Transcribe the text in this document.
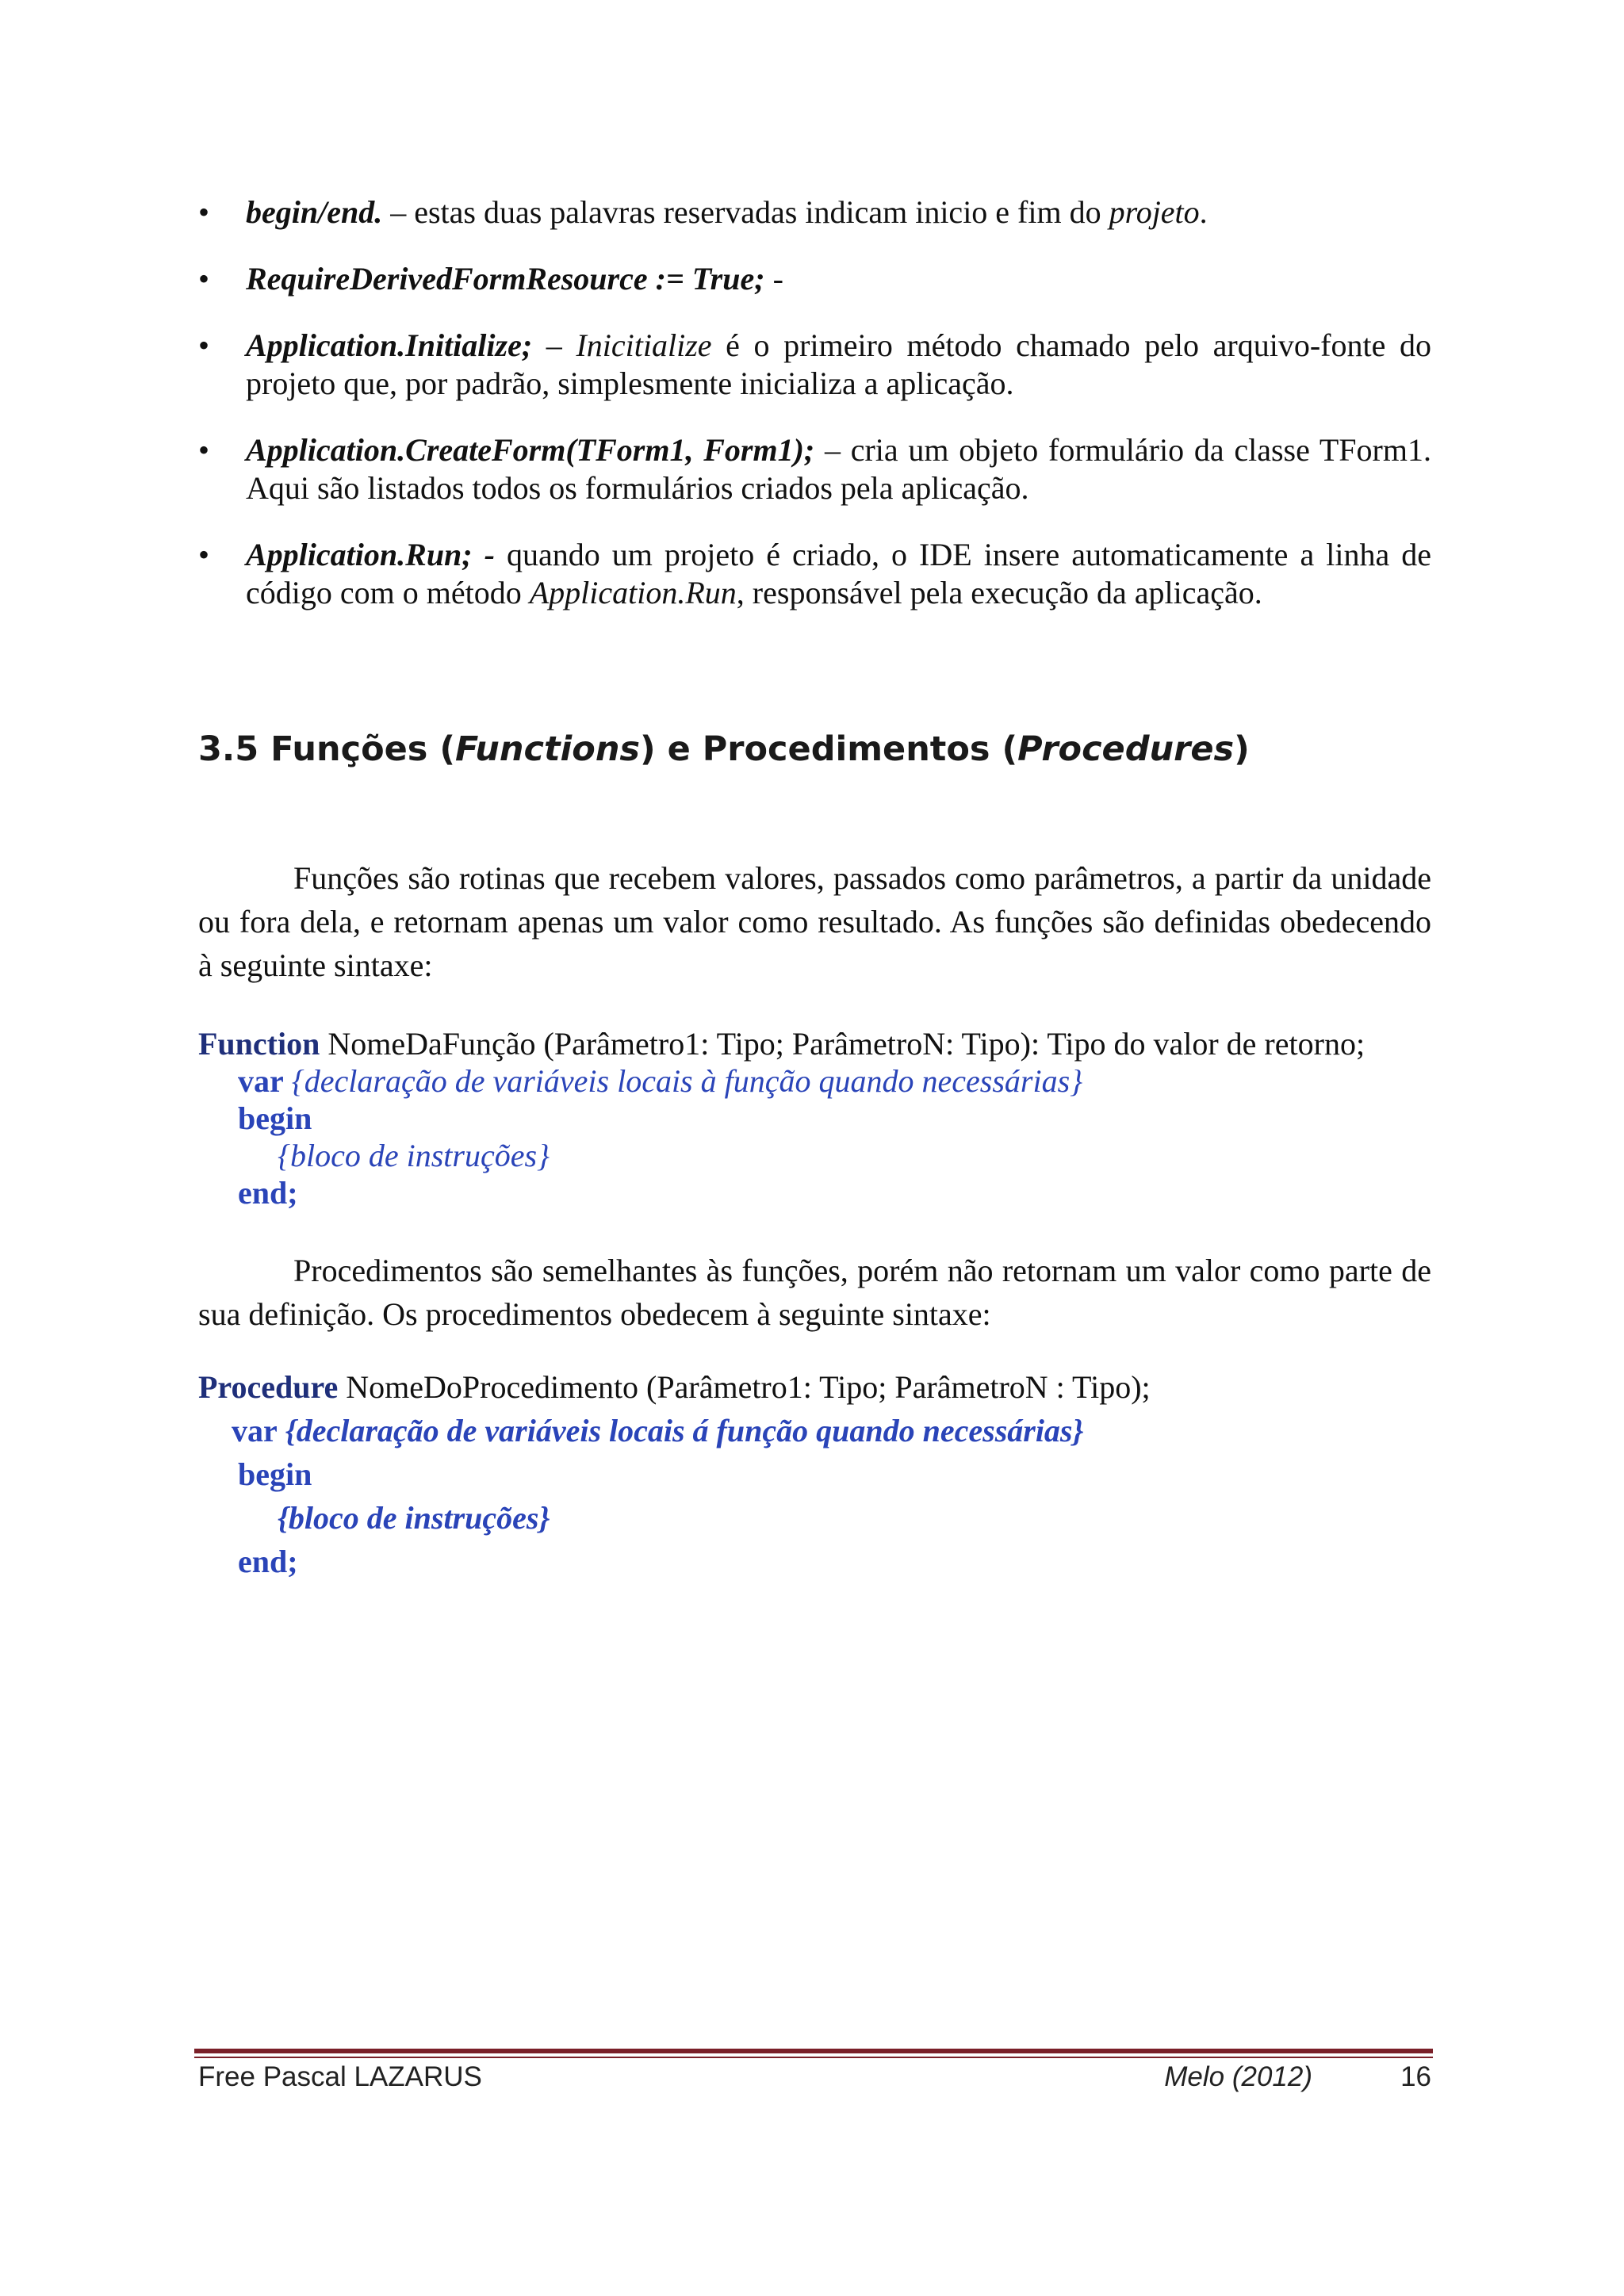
• begin/end. – estas duas palavras reservadas indicam inicio e fim do projeto.
• RequireDerivedFormResource := True; -
• Application.Initialize; – Inicitialize é o primeiro método chamado pelo arquivo-fonte do projeto que, por padrão, simplesmente inicializa a aplicação.
• Application.CreateForm(TForm1, Form1); – cria um objeto formulário da classe TForm1. Aqui são listados todos os formulários criados pela aplicação.
• Application.Run; - quando um projeto é criado, o IDE insere automaticamente a linha de código com o método Application.Run, responsável pela execução da aplicação.
3.5 Funções (Functions) e Procedimentos (Procedures)
Funções são rotinas que recebem valores, passados como parâmetros, a partir da unidade ou fora dela, e retornam apenas um valor como resultado. As funções são definidas obedecendo à seguinte sintaxe:
Function NomeDaFunção (Parâmetro1: Tipo; ParâmetroN: Tipo): Tipo do valor de retorno;
var {declaração de variáveis locais à função quando necessárias}
begin
{bloco de instruções}
end;
Procedimentos são semelhantes às funções, porém não retornam um valor como parte de sua definição. Os procedimentos obedecem à seguinte sintaxe:
Procedure NomeDoProcedimento (Parâmetro1: Tipo; ParâmetroN : Tipo);
var {declaração de variáveis locais á função quando necessárias}
begin
{bloco de instruções}
end;
Free Pascal LAZARUS	Melo (2012)	16
